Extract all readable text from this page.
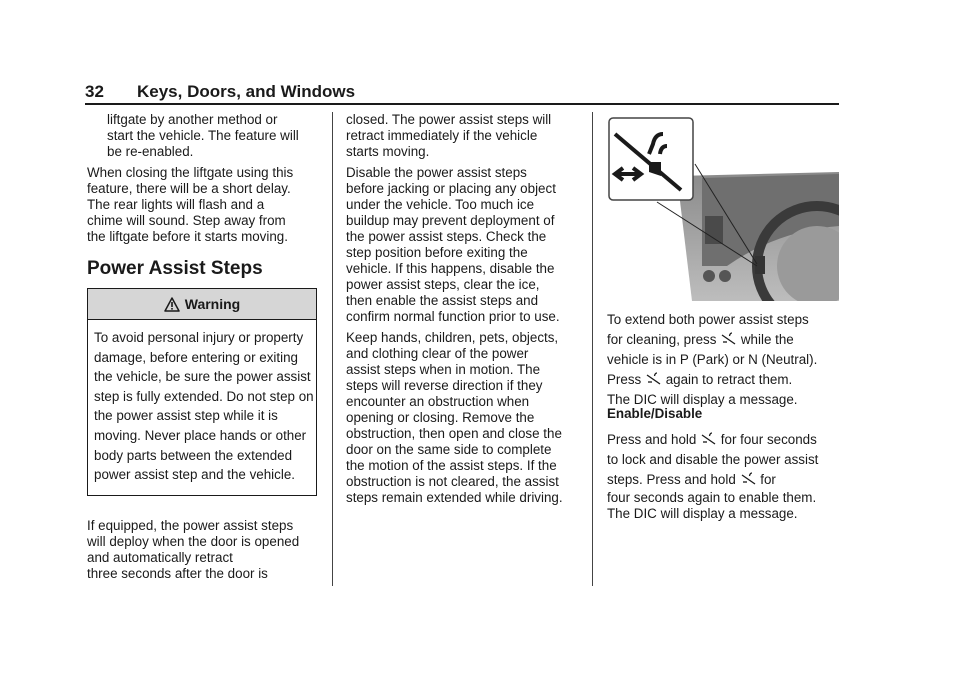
32 Keys, Doors, and Windows
liftgate by another method or
start the vehicle. The feature will
be re-enabled.
When closing the liftgate using this
feature, there will be a short delay.
The rear lights will flash and a
chime will sound. Step away from
the liftgate before it starts moving.
Power Assist Steps
Warning
To avoid personal injury or property damage, before entering or exiting the vehicle, be sure the power assist step is fully extended. Do not step on the power assist step while it is moving. Never place hands or other body parts between the extended power assist step and the vehicle.
If equipped, the power assist steps
will deploy when the door is opened
and automatically retract
three seconds after the door is
closed. The power assist steps will
retract immediately if the vehicle
starts moving.
Disable the power assist steps
before jacking or placing any object
under the vehicle. Too much ice
buildup may prevent deployment of
the power assist steps. Check the
step position before exiting the
vehicle. If this happens, disable the
power assist steps, clear the ice,
then enable the assist steps and
confirm normal function prior to use.
Keep hands, children, pets, objects,
and clothing clear of the power
assist steps when in motion. The
steps will reverse direction if they
encounter an obstruction when
opening or closing. Remove the
obstruction, then open and close the
door on the same side to complete
the motion of the assist steps. If the
obstruction is not cleared, the assist
steps remain extended while driving.
To extend both power assist steps
for cleaning, press while the
vehicle is in P (Park) or N (Neutral).
Press again to retract them.
The DIC will display a message.
Enable/Disable
Press and hold for four seconds
to lock and disable the power assist
steps. Press and hold for
four seconds again to enable them.
The DIC will display a message.
